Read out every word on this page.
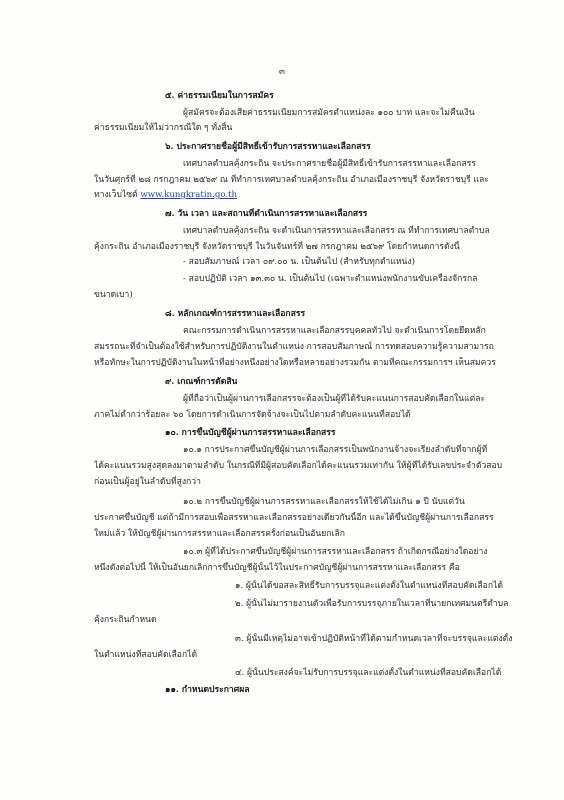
๓
๕. ค่าธรรมเนียมในการสมัคร
ผู้สมัครจะต้องเสียค่าธรรมเนียมการสมัครตำแหน่งละ ๑๐๐ บาท และจะไม่คืนเงิน
ค่าธรรมเนียมให้ไม่ว่ากรณีใด ๆ ทั้งสิ้น
๖. ประกาศรายชื่อผู้มีสิทธิ์เข้ารับการสรรหาและเลือกสรร
เทศบาลตำบลคุ้งกระถิน จะประกาศรายชื่อผู้มีสิทธิ์เข้ารับการสรรหาและเลือกสรร
ในวันศุกร์ที่ ๒๘ กรกฎาคม ๒๕๖๙ ณ ที่ทำการเทศบาลตำบลคุ้งกระถิน อำเภอเมืองราชบุรี จังหวัดราชบุรี และ
ทางเว็บไซต์ www.kungkratin.go.th
๗. วัน เวลา และสถานที่ดำเนินการสรรหาและเลือกสรร
เทศบาลตำบลคุ้งกระถิน จะดำเนินการสรรหาและเลือกสรร ณ ที่ทำการเทศบาลตำบล
คุ้งกระถิน อำเภอเมืองราชบุรี จังหวัดราชบุรี ในวันจันทร์ที่ ๒๗ กรกฎาคม ๒๕๖๙ โดยกำหนดการดังนี้
- สอบสัมภาษณ์ เวลา ๐๙.๐๐ น. เป็นต้นไป (สำหรับทุกตำแหน่ง)
- สอบปฏิบัติ เวลา ๑๓.๓๐ น. เป็นต้นไป (เฉพาะตำแหน่งพนักงานขับเครื่องจักรกล
ขนาดเบา)
๘. หลักเกณฑ์การสรรหาและเลือกสรร
คณะกรรมการดำเนินการสรรหาและเลือกสรรบุคคลทั่วไป จะดำเนินการโดยยึดหลัก
สมรรถนะที่จำเป็นต้องใช้สำหรับการปฏิบัติงานในตำแหน่ง การสอบสัมภาษณ์ การทดสอบความรู้ความสามารถ
หรือทักษะในการปฏิบัติงานในหน้าที่อย่างหนึ่งอย่างใดหรือหลายอย่างรวมกัน ตามที่คณะกรรมการฯ เห็นสมควร
๙. เกณฑ์การตัดสิน
ผู้ที่ถือว่าเป็นผู้ผ่านการเลือกสรรจะต้องเป็นผู้ที่ได้รับคะแนนการสอบคัดเลือกในแต่ละ
ภาคไม่ต่ำกว่าร้อยละ ๖๐ โดยการดำเนินการจัดจ้างจะเป็นไปตามลำดับคะแนนที่สอบได้
๑๐. การขึ้นบัญชีผู้ผ่านการสรรหาและเลือกสรร
๑๐.๑ การประกาศขึ้นบัญชีผู้ผ่านการเลือกสรรเป็นพนักงานจ้างจะเรียงลำดับที่จากผู้ที่
ได้คะแนนรวมสูงสุดลงมาตามลำดับ ในกรณีที่มีผู้สอบคัดเลือกได้คะแนนรวมเท่ากัน ให้ผู้ที่ได้รับเลขประจำตัวสอบ
ก่อนเป็นผู้อยู่ในลำดับที่สูงกว่า
๑๐.๒ การขึ้นบัญชีผู้ผ่านการสรรหาและเลือกสรรให้ใช้ได้ไม่เกิน ๑ ปี นับแต่วัน
ประกาศขึ้นบัญชี แต่ถ้ามีการสอบเพื่อสรรหาและเลือกสรรอย่างเดียวกันนี้อีก และได้ขึ้นบัญชีผู้ผ่านการเลือกสรร
ใหม่แล้ว ให้บัญชีผู้ผ่านการสรรหาและเลือกสรรครั้งก่อนเป็นอันยกเลิก
๑๐.๓ ผู้ที่ได้ประกาศขึ้นบัญชีผู้ผ่านการสรรหาและเลือกสรร ถ้าเกิดกรณีอย่างใดอย่าง
หนึ่งดังต่อไปนี้ ให้เป็นอันยกเลิกการขึ้นบัญชีผู้นั้นไว้ในประกาศบัญชีผู้ผ่านการสรรหาและเลือกสรร คือ
๑. ผู้นั้นได้ขอสละสิทธิ์รับการบรรจุและแต่งตั้งในตำแหน่งที่สอบคัดเลือกได้
๒. ผู้นั้นไม่มารายงานตัวเพื่อรับการบรรจุภายในเวลาที่นายกเทศมนตรีตำบล
คุ้งกระถินกำหนด
๓. ผู้นั้นมีเหตุไม่อาจเข้าปฏิบัติหน้าที่ได้ตามกำหนดเวลาที่จะบรรจุและแต่งตั้ง
ในตำแหน่งที่สอบคัดเลือกได้
๔. ผู้นั้นประสงค์จะไม่รับการบรรจุและแต่งตั้งในตำแหน่งที่สอบคัดเลือกได้
๑๑. กำหนดประกาศผล
